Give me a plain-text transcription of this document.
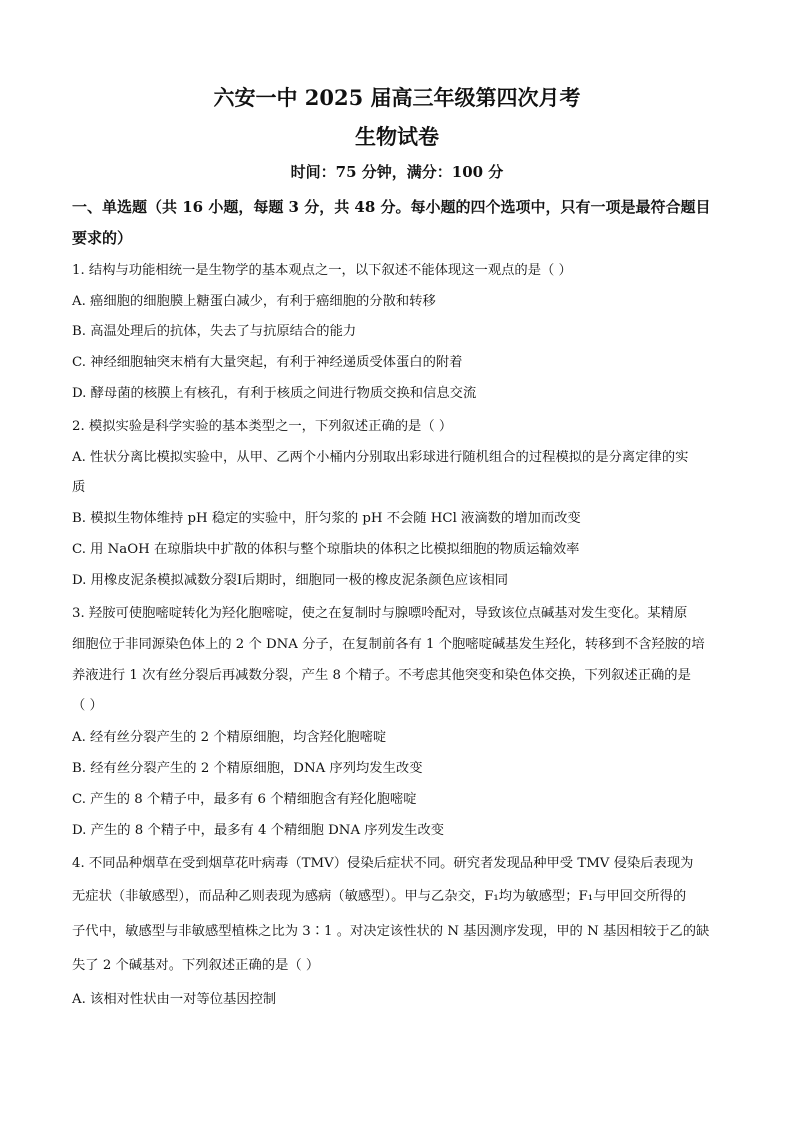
六安一中 2025 届高三年级第四次月考
生物试卷
时间：75 分钟，满分：100 分
一、单选题（共 16 小题，每题 3 分，共 48 分。每小题的四个选项中，只有一项是最符合题目要求的）
1. 结构与功能相统一是生物学的基本观点之一，以下叙述不能体现这一观点的是（ ）
A. 癌细胞的细胞膜上糖蛋白减少，有利于癌细胞的分散和转移
B. 高温处理后的抗体，失去了与抗原结合的能力
C. 神经细胞轴突末梢有大量突起，有利于神经递质受体蛋白的附着
D. 酵母菌的核膜上有核孔，有利于核质之间进行物质交换和信息交流
2. 模拟实验是科学实验的基本类型之一，下列叙述正确的是（ ）
A. 性状分离比模拟实验中，从甲、乙两个小桶内分别取出彩球进行随机组合的过程模拟的是分离定律的实
质
B. 模拟生物体维持 pH 稳定的实验中，肝匀浆的 pH 不会随 HCl 液滴数的增加而改变
C. 用 NaOH 在琼脂块中扩散的体积与整个琼脂块的体积之比模拟细胞的物质运输效率
D. 用橡皮泥条模拟减数分裂Ⅰ后期时，细胞同一极的橡皮泥条颜色应该相同
3. 羟胺可使胞嘧啶转化为羟化胞嘧啶，使之在复制时与腺嘌呤配对，导致该位点碱基对发生变化。某精原
细胞位于非同源染色体上的 2 个 DNA 分子，在复制前各有 1 个胞嘧啶碱基发生羟化，转移到不含羟胺的培
养液进行 1 次有丝分裂后再减数分裂，产生 8 个精子。不考虑其他突变和染色体交换，下列叙述正确的是
（ ）
A. 经有丝分裂产生的 2 个精原细胞，均含羟化胞嘧啶
B. 经有丝分裂产生的 2 个精原细胞，DNA 序列均发生改变
C. 产生的 8 个精子中，最多有 6 个精细胞含有羟化胞嘧啶
D. 产生的 8 个精子中，最多有 4 个精细胞 DNA 序列发生改变
4. 不同品种烟草在受到烟草花叶病毒（TMV）侵染后症状不同。研究者发现品种甲受 TMV 侵染后表现为
无症状（非敏感型），而品种乙则表现为感病（敏感型）。甲与乙杂交，F₁均为敏感型；F₁与甲回交所得的
子代中，敏感型与非敏感型植株之比为 3∶1 。对决定该性状的 N 基因测序发现，甲的 N 基因相较于乙的缺
失了 2 个碱基对。下列叙述正确的是（ ）
A. 该相对性状由一对等位基因控制
